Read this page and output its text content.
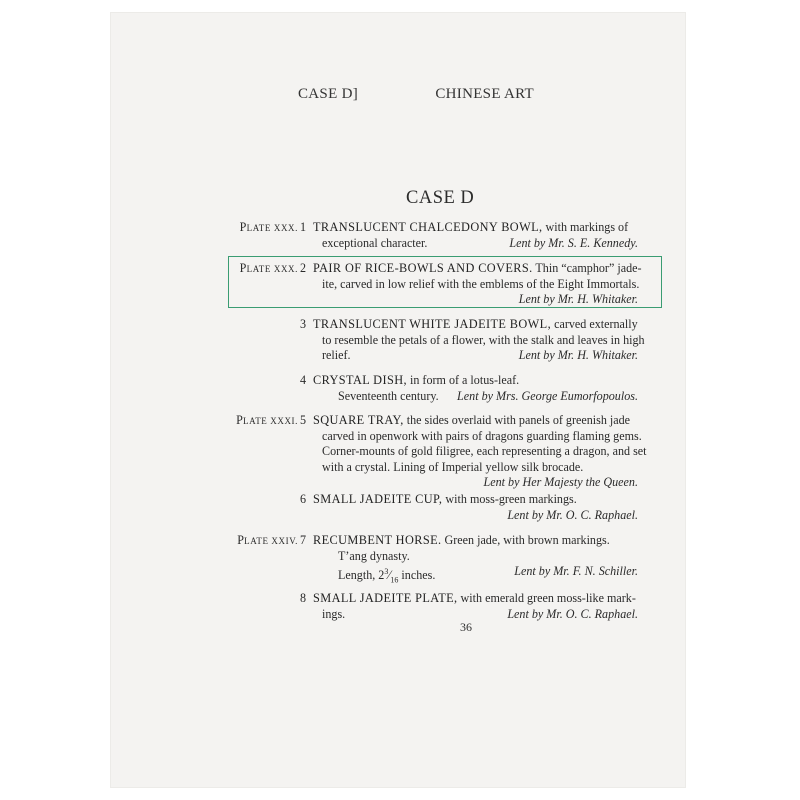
CASE D]	CHINESE ART
CASE D
PLATE XXX. 1 TRANSLUCENT CHALCEDONY BOWL, with markings of
exceptional character.	Lent by Mr. S. E. Kennedy.
PLATE XXX. 2 PAIR OF RICE-BOWLS AND COVERS. Thin “camphor” jade-
ite, carved in low relief with the emblems of the Eight Immortals.
Lent by Mr. H. Whitaker.
3 TRANSLUCENT WHITE JADEITE BOWL, carved externally
to resemble the petals of a flower, with the stalk and leaves in high
relief.	Lent by Mr. H. Whitaker.
4 CRYSTAL DISH, in form of a lotus-leaf.
Seventeenth century. Lent by Mrs. George Eumorfopoulos.
PLATE XXXI. 5 SQUARE TRAY, the sides overlaid with panels of greenish jade
carved in openwork with pairs of dragons guarding flaming gems.
Corner-mounts of gold filigree, each representing a dragon, and set
with a crystal. Lining of Imperial yellow silk brocade.
Lent by Her Majesty the Queen.
6 SMALL JADEITE CUP, with moss-green markings.
Lent by Mr. O. C. Raphael.
PLATE XXIV. 7 RECUMBENT HORSE. Green jade, with brown markings.
T’ang dynasty.
Length, $2^3⁄_{16}$ inches.	Lent by Mr. F. N. Schiller.
8 SMALL JADEITE PLATE, with emerald green moss-like mark-
ings.	Lent by Mr. O. C. Raphael.
36
